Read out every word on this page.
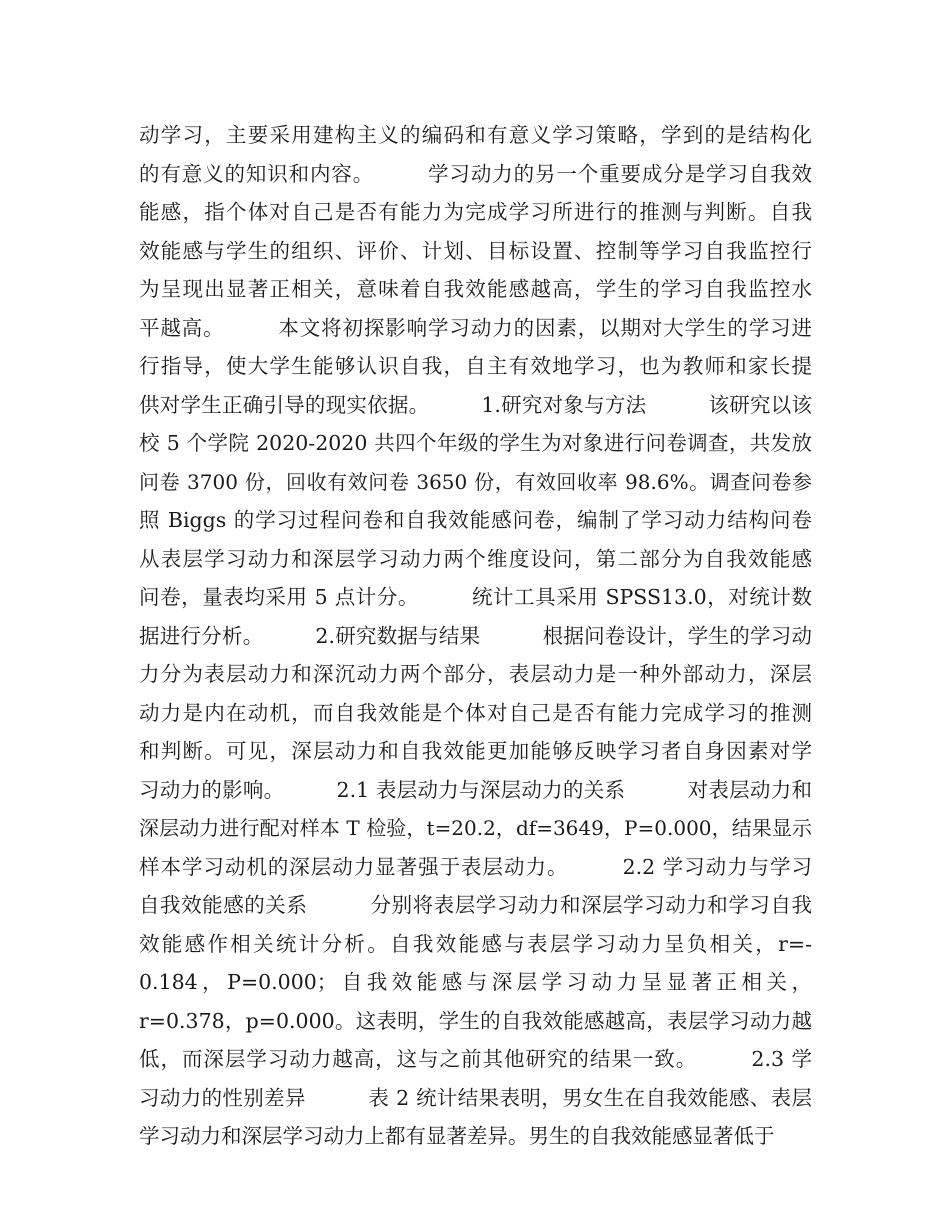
动学习，主要采用建构主义的编码和有意义学习策略，学到的是结构化
的有意义的知识和内容。　　　学习动力的另一个重要成分是学习自我效
能感，指个体对自己是否有能力为完成学习所进行的推测与判断。自我
效能感与学生的组织、评价、计划、目标设置、控制等学习自我监控行
为呈现出显著正相关，意味着自我效能感越高，学生的学习自我监控水
平越高。　　　本文将初探影响学习动力的因素，以期对大学生的学习进
行指导，使大学生能够认识自我，自主有效地学习，也为教师和家长提
供对学生正确引导的现实依据。　　　1.研究对象与方法　　　该研究以该
校 5 个学院 2020-2020 共四个年级的学生为对象进行问卷调查，共发放
问卷 3700 份，回收有效问卷 3650 份，有效回收率 98.6%。调查问卷参
照 Biggs 的学习过程问卷和自我效能感问卷，编制了学习动力结构问卷
从表层学习动力和深层学习动力两个维度设问，第二部分为自我效能感
问卷，量表均采用 5 点计分。　　　统计工具采用 SPSS13.0，对统计数
据进行分析。　　　2.研究数据与结果　　　根据问卷设计，学生的学习动
力分为表层动力和深沉动力两个部分，表层动力是一种外部动力，深层
动力是内在动机，而自我效能是个体对自己是否有能力完成学习的推测
和判断。可见，深层动力和自我效能更加能够反映学习者自身因素对学
习动力的影响。　　　2.1 表层动力与深层动力的关系　　　对表层动力和
深层动力进行配对样本 T 检验，t=20.2，df=3649，P=0.000，结果显示
样本学习动机的深层动力显著强于表层动力。　　　2.2 学习动力与学习
自我效能感的关系　　　分别将表层学习动力和深层学习动力和学习自我
效能感作相关统计分析。自我效能感与表层学习动力呈负相关，r=-
0.184，P=0.000；自我效能感与深层学习动力呈显著正相关，
r=0.378，p=0.000。这表明，学生的自我效能感越高，表层学习动力越
低，而深层学习动力越高，这与之前其他研究的结果一致。　　　2.3 学
习动力的性别差异　　　表 2 统计结果表明，男女生在自我效能感、表层
学习动力和深层学习动力上都有显著差异。男生的自我效能感显著低于
